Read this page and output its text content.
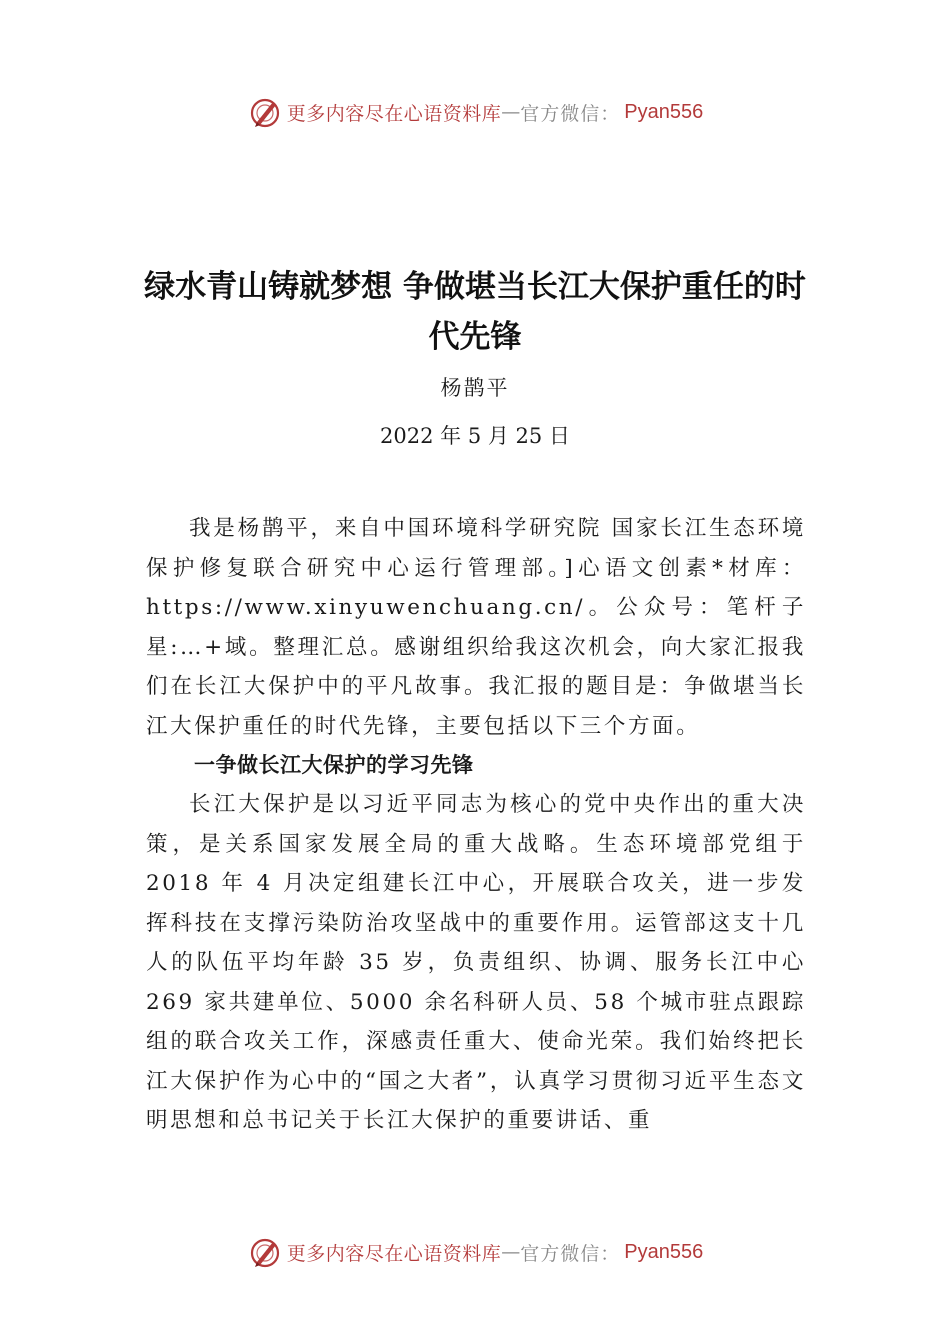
更多内容尽在心语资料库 — 官方微信： Pyan556
绿水青山铸就梦想 争做堪当长江大保护重任的时代先锋
杨鹊平
2022 年 5 月 25 日

我是杨鹊平，来自中国环境科学研究院 国家长江生态环境保护修复联合研究中心运行管理部。]心语文创素*材库：https://www.xinyuwenchuang.cn/。公众号：笔杆子星:…+域。整理汇总。感谢组织给我这次机会，向大家汇报我们在长江大保护中的平凡故事。我汇报的题目是：争做堪当长江大保护重任的时代先锋，主要包括以下三个方面。

一争做长江大保护的学习先锋

长江大保护是以习近平同志为核心的党中央作出的重大决策，是关系国家发展全局的重大战略。生态环境部党组于 2018 年 4 月决定组建长江中心，开展联合攻关，进一步发挥科技在支撑污染防治攻坚战中的重要作用。运管部这支十几人的队伍平均年龄 35 岁，负责组织、协调、服务长江中心 269 家共建单位、5000 余名科研人员、58 个城市驻点跟踪组的联合攻关工作，深感责任重大、使命光荣。我们始终把长江大保护作为心中的“国之大者”，认真学习贯彻习近平生态文明思想和总书记关于长江大保护的重要讲话、重

更多内容尽在心语资料库 — 官方微信： Pyan556
